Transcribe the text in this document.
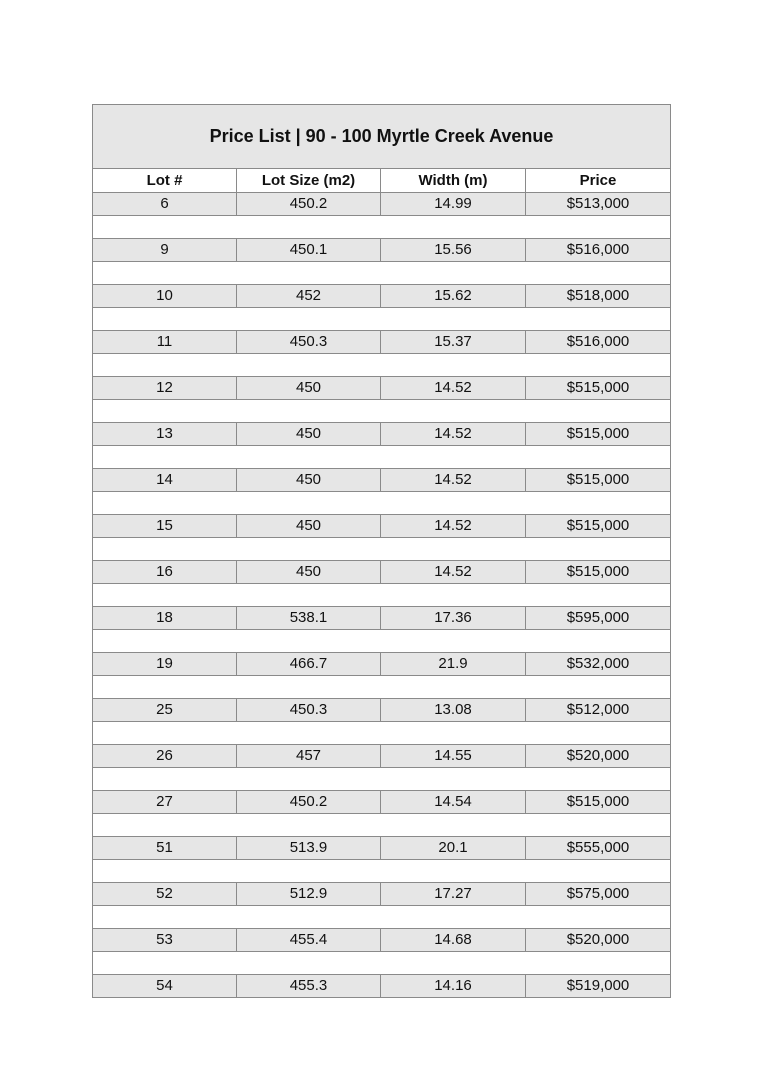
Price List | 90 - 100 Myrtle Creek Avenue
Lot #	Lot Size (m2)	Width (m)	Price
6	450.2	14.99	$513,000
9	450.1	15.56	$516,000
10	452	15.62	$518,000
11	450.3	15.37	$516,000
12	450	14.52	$515,000
13	450	14.52	$515,000
14	450	14.52	$515,000
15	450	14.52	$515,000
16	450	14.52	$515,000
18	538.1	17.36	$595,000
19	466.7	21.9	$532,000
25	450.3	13.08	$512,000
26	457	14.55	$520,000
27	450.2	14.54	$515,000
51	513.9	20.1	$555,000
52	512.9	17.27	$575,000
53	455.4	14.68	$520,000
54	455.3	14.16	$519,000
